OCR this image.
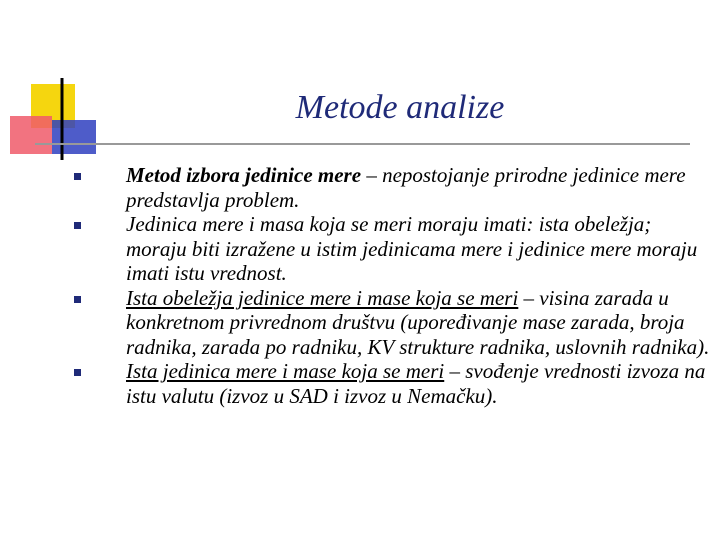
Metode analize
Metod izbora jedinice mere – nepostojanje prirodne jedinice mere predstavlja problem.
Jedinica mere i masa koja se meri moraju imati: ista obeležja; moraju biti izražene u istim jedinicama mere i jedinice mere moraju imati istu vrednost.
Ista obeležja jedinice mere i mase koja se meri – visina zarada u konkretnom privrednom društvu (upoređivanje mase zarada, broja radnika, zarada po radniku, KV strukture radnika, uslovnih radnika).
Ista jedinica mere i mase koja se meri – svođenje vrednosti izvoza na istu valutu (izvoz u SAD i izvoz u Nemačku).
